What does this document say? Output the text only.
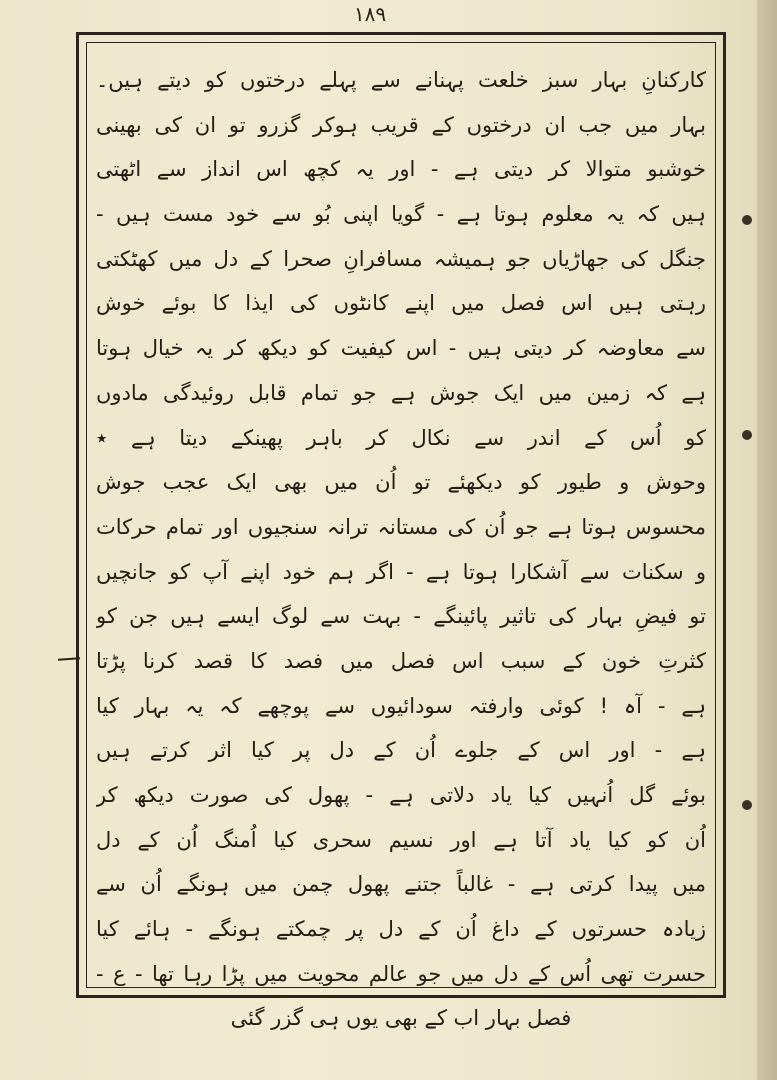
۱۸۹
کارکنانِ بہار سبز خلعت پہنانے سے پہلے درختوں کو دیتے ہیں۔
بہار میں جب ان درختوں کے قریب ہوکر گزرو تو ان کی بھینی
خوشبو متوالا کر دیتی ہے - اور یہ کچھ اس انداز سے اٹھتی
ہیں کہ یہ معلوم ہوتا ہے - گویا اپنی بُو سے خود مست ہیں -
جنگل کی جھاڑیاں جو ہمیشہ مسافرانِ صحرا کے دل میں کھٹکتی
رہتی ہیں اس فصل میں اپنے کانٹوں کی ایذا کا بوئے خوش
سے معاوضہ کر دیتی ہیں - اس کیفیت کو دیکھ کر یہ خیال ہوتا
ہے کہ زمین میں ایک جوش ہے جو تمام قابل روئیدگی مادوں
کو اُس کے اندر سے نکال کر باہر پھینکے دیتا ہے ٭
وحوش و طیور کو دیکھئے تو اُن میں بھی ایک عجب جوش
محسوس ہوتا ہے جو اُن کی مستانہ ترانہ سنجیوں اور تمام حرکات
و سکنات سے آشکارا ہوتا ہے - اگر ہم خود اپنے آپ کو جانچیں
تو فیضِ بہار کی تاثیر پائینگے - بہت سے لوگ ایسے ہیں جن کو
کثرتِ خون کے سبب اس فصل میں فصد کا قصد کرنا پڑتا
ہے - آہ ! کوئی وارفتہ سودائیوں سے پوچھے کہ یہ بہار کیا
ہے - اور اس کے جلوے اُن کے دل پر کیا اثر کرتے ہیں
بوئے گل اُنہیں کیا یاد دلاتی ہے - پھول کی صورت دیکھ کر
اُن کو کیا یاد آتا ہے اور نسیم سحری کیا اُمنگ اُن کے دل
میں پیدا کرتی ہے - غالباً جتنے پھول چمن میں ہونگے اُن سے
زیادہ حسرتوں کے داغ اُن کے دل پر چمکتے ہونگے - ہائے کیا
حسرت تھی اُس کے دل میں جو عالم محویت میں پڑا رہا تھا - ع -
فصل بہار اب کے بھی یوں ہی گزر گئی
